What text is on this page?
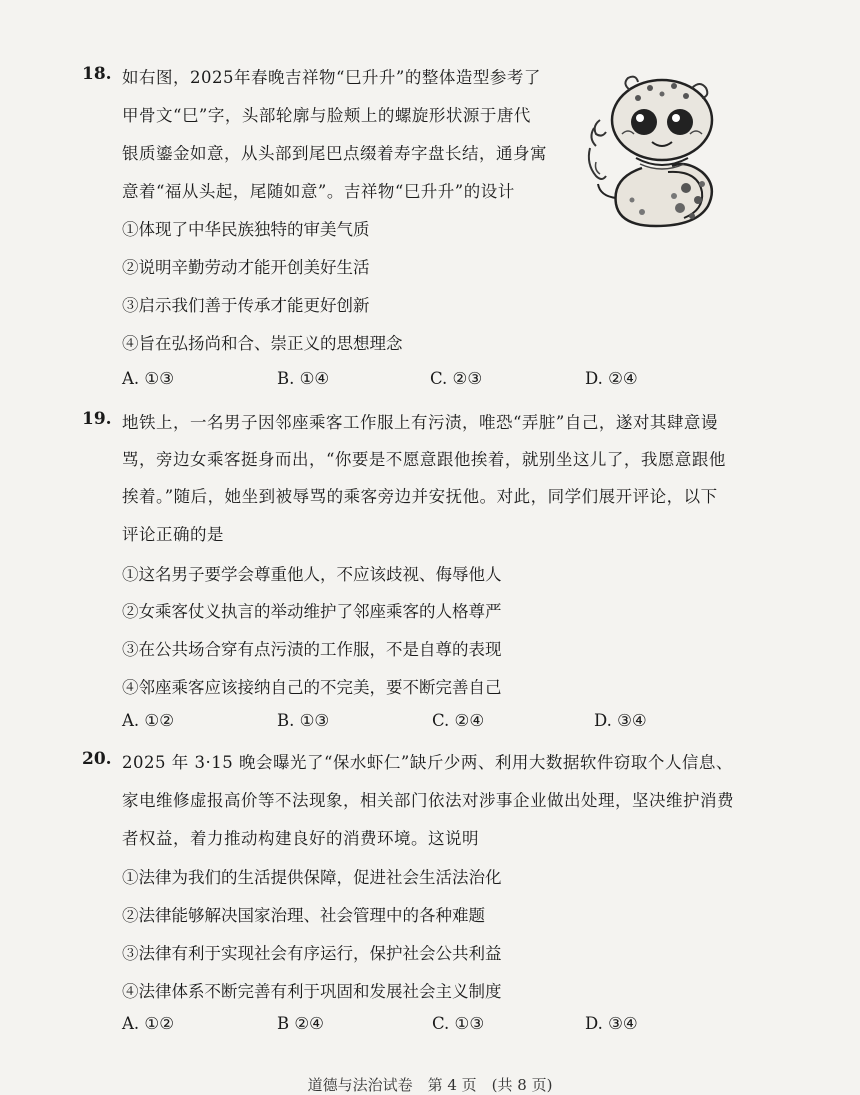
18. 如右图，2025年春晚吉祥物“巳升升”的整体造型参考了
甲骨文“巳”字，头部轮廓与脸颊上的螺旋形状源于唐代
银质鎏金如意，从头部到尾巴点缀着寿字盘长结，通身寓
意着“福从头起，尾随如意”。吉祥物“巳升升”的设计
①体现了中华民族独特的审美气质
②说明辛勤劳动才能开创美好生活
③启示我们善于传承才能更好创新
④旨在弘扬尚和合、崇正义的思想理念
A. ①③	B. ①④	C. ②③	D. ②④
19. 地铁上，一名男子因邻座乘客工作服上有污渍，唯恐“弄脏”自己，遂对其肆意谩
骂，旁边女乘客挺身而出，“你要是不愿意跟他挨着，就别坐这儿了，我愿意跟他
挨着。”随后，她坐到被辱骂的乘客旁边并安抚他。对此，同学们展开评论，以下
评论正确的是
①这名男子要学会尊重他人，不应该歧视、侮辱他人
②女乘客仗义执言的举动维护了邻座乘客的人格尊严
③在公共场合穿有点污渍的工作服，不是自尊的表现
④邻座乘客应该接纳自己的不完美，要不断完善自己
A. ①②	B. ①③	C. ②④	D. ③④
20. 2025 年 3·15 晚会曝光了“保水虾仁”缺斤少两、利用大数据软件窃取个人信息、
家电维修虚报高价等不法现象，相关部门依法对涉事企业做出处理，坚决维护消费
者权益，着力推动构建良好的消费环境。这说明
①法律为我们的生活提供保障，促进社会生活法治化
②法律能够解决国家治理、社会管理中的各种难题
③法律有利于实现社会有序运行，保护社会公共利益
④法律体系不断完善有利于巩固和发展社会主义制度
A. ①②	B ②④	C. ①③	D. ③④
道德与法治试卷　第 4 页　(共 8 页)
